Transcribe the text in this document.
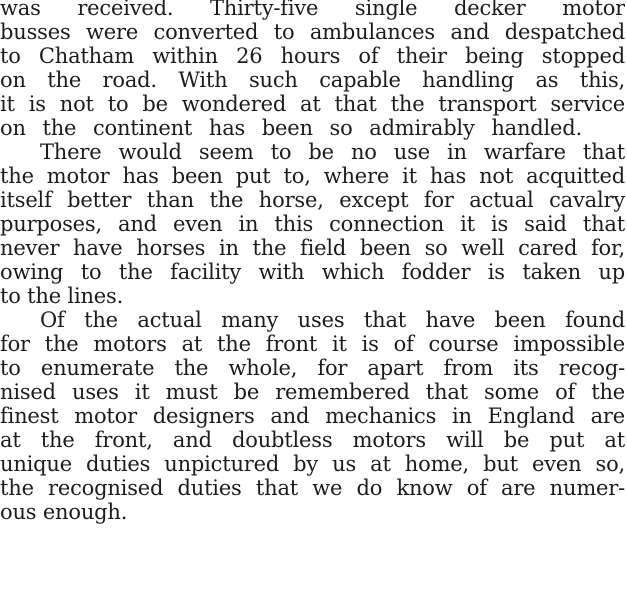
was received. Thirty-five single decker motor
busses were converted to ambulances and despatched
to Chatham within 26 hours of their being stopped
on the road. With such capable handling as this,
it is not to be wondered at that the transport service
on the continent has been so admirably handled.
There would seem to be no use in warfare that
the motor has been put to, where it has not acquitted
itself better than the horse, except for actual cavalry
purposes, and even in this connection it is said that
never have horses in the field been so well cared for,
owing to the facility with which fodder is taken up
to the lines.
Of the actual many uses that have been found
for the motors at the front it is of course impossible
to enumerate the whole, for apart from its recog-
nised uses it must be remembered that some of the
finest motor designers and mechanics in England are
at the front, and doubtless motors will be put at
unique duties unpictured by us at home, but even so,
the recognised duties that we do know of are numer-
ous enough.
